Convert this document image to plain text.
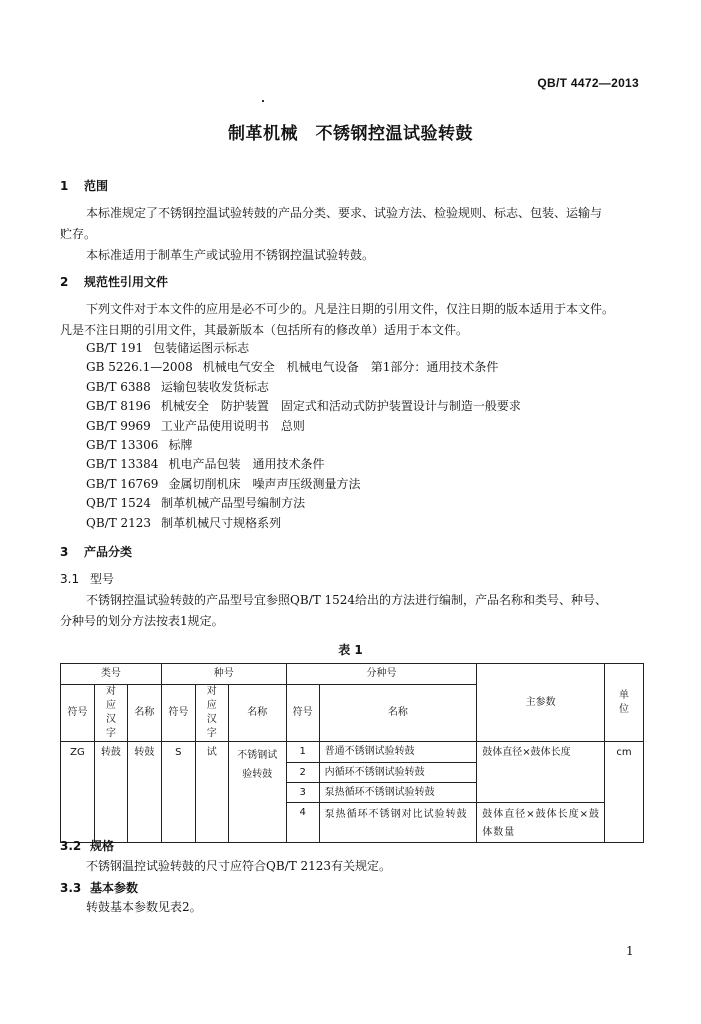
QB/T 4472—2013
制革机械　不锈钢控温试验转鼓
1 范围
本标准规定了不锈钢控温试验转鼓的产品分类、要求、试验方法、检验规则、标志、包装、运输与
贮存。
本标准适用于制革生产或试验用不锈钢控温试验转鼓。
2 规范性引用文件
下列文件对于本文件的应用是必不可少的。凡是注日期的引用文件，仅注日期的版本适用于本文件。
凡是不注日期的引用文件，其最新版本（包括所有的修改单）适用于本文件。
GB/T 191 包装储运图示标志
GB 5226.1—2008 机械电气安全　机械电气设备　第1部分：通用技术条件
GB/T 6388 运输包装收发货标志
GB/T 8196 机械安全　防护装置　固定式和活动式防护装置设计与制造一般要求
GB/T 9969 工业产品使用说明书　总则
GB/T 13306 标牌
GB/T 13384 机电产品包装　通用技术条件
GB/T 16769 金属切削机床　噪声声压级测量方法
QB/T 1524 制革机械产品型号编制方法
QB/T 2123 制革机械尺寸规格系列
3 产品分类
3.1 型号
不锈钢控温试验转鼓的产品型号宜参照QB/T 1524给出的方法进行编制，产品名称和类号、种号、
分种号的划分方法按表1规定。
表 1
类号			种号			分种号		主参数	单位
符号	对应汉字	名称	符号	对应汉字	名称	符号	名称		
ZG	转鼓	转鼓	S	试	不锈钢试验转鼓	1	普通不锈钢试验转鼓	鼓体直径×鼓体长度	cm
						2	内循环不锈钢试验转鼓		
						3	泵热循环不锈钢试验转鼓		
						4	泵热循环不锈钢对比试验转鼓	鼓体直径×鼓体长度×鼓体数量	
3.2 规格
不锈钢温控试验转鼓的尺寸应符合QB/T 2123有关规定。
3.3 基本参数
转鼓基本参数见表2。
1
